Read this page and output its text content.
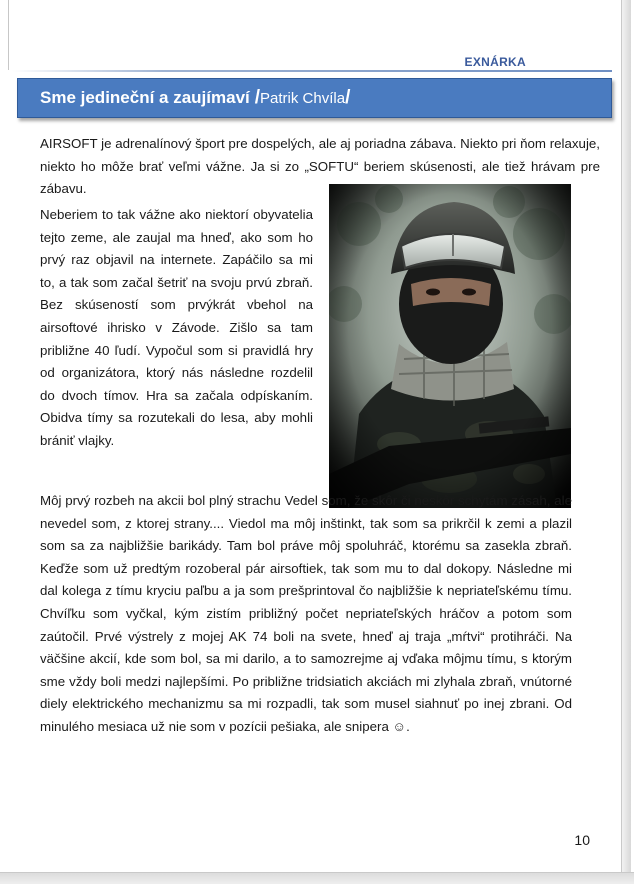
EXNÁRKA
Sme jedineční a zaujímaví / Patrik Chvíla /

AIRSOFT je adrenalínový šport pre dospelých, ale aj poriadna zábava. Niekto pri ňom relaxuje, niekto ho môže brať veľmi vážne. Ja si zo „SOFTU“ beriem skúsenosti, ale tiež hrávam pre zábavu.

Neberiem to tak vážne ako niektorí obyvatelia tejto zeme, ale zaujal ma hneď, ako som ho prvý raz objavil na internete. Zapáčilo sa mi to, a tak som začal šetriť na svoju prvú zbraň. Bez skúseností som prvýkrát vbehol na airsoftové ihrisko v Závode. Zišlo sa tam približne 40 ľudí. Vypočul som si pravidlá hry od organizátora, ktorý nás následne rozdelil do dvoch tímov. Hra sa začala odpískaním. Obidva tímy sa rozutekali do lesa, aby mohli brániť vlajky.

Môj prvý rozbeh na akcii bol plný strachu Vedel som, že skôr či neskôr schytám zásah, ale nevedel som, z ktorej strany.... Viedol ma môj inštinkt, tak som sa prikrčil k zemi a plazil som sa za najbližšie barikády. Tam bol práve môj spoluhráč, ktorému sa zasekla zbraň. Keďže som už predtým rozoberal pár airsoftiek, tak som mu to dal dokopy. Následne mi dal kolega z tímu kryciu paľbu a ja som prešprintoval čo najbližšie k nepriateľskému tímu. Chvíľku som vyčkal, kým zistím približný počet nepriateľských hráčov a potom som zaútočil. Prvé výstrely z mojej AK 74 boli na svete, hneď aj traja „mŕtvi“ protihráči. Na väčšine akcií, kde som bol, sa mi darilo, a to samozrejme aj vďaka môjmu tímu, s ktorým sme vždy boli medzi najlepšími. Po približne tridsiatich akciách mi zlyhala zbraň, vnútorné diely elektrického mechanizmu sa mi rozpadli, tak som musel siahnuť po inej zbrani. Od minulého mesiaca už nie som v pozícii pešiaka, ale snipera ☺.

10
